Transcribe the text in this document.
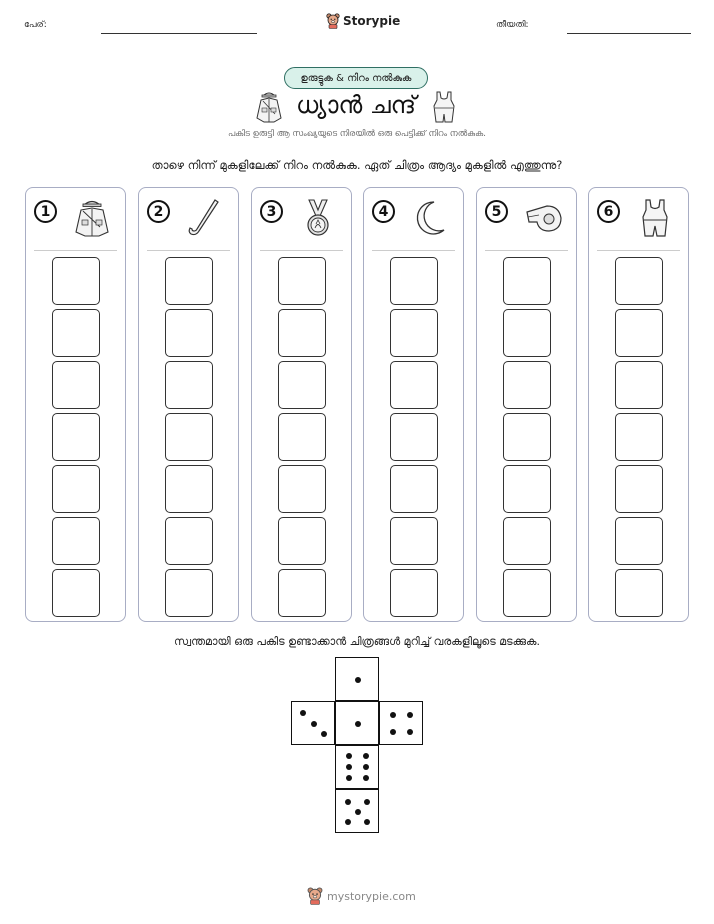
പേര്:	Storypie	തീയതി:
ഉരുട്ടുക & നിറം നൽകുക
ധ്യാൻ ചന്ദ്
പകിട ഉരുട്ടി ആ സംഖ്യയുടെ നിരയിൽ ഒരു പെട്ടിക്ക് നിറം നൽകുക.
താഴെ നിന്ന് മുകളിലേക്ക് നിറം നൽകുക. ഏത് ചിത്രം ആദ്യം മുകളിൽ എത്തുന്നു?
1	2	3	4	5	6
സ്വന്തമായി ഒരു പകിട ഉണ്ടാക്കാൻ ചിത്രങ്ങൾ മുറിച്ച് വരകളിലൂടെ മടക്കുക.
mystorypie.com
